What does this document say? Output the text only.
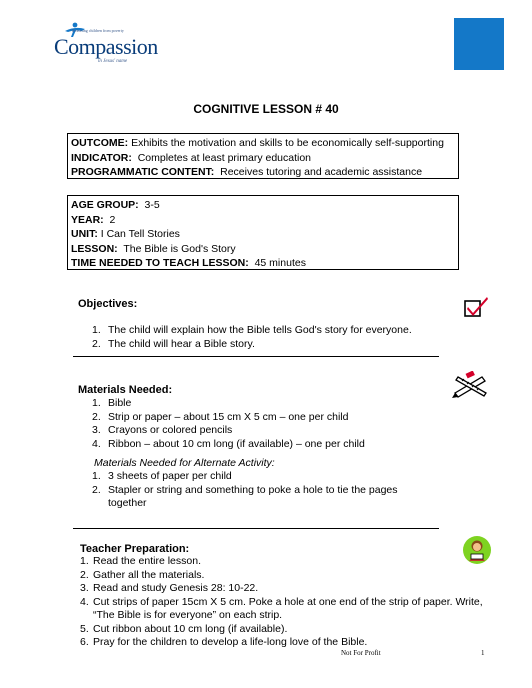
Releasing children from poverty
Compassion
in Jesus' name
COGNITIVE LESSON # 40
OUTCOME: Exhibits the motivation and skills to be economically self-supporting
INDICATOR:  Completes at least primary education
PROGRAMMATIC CONTENT:  Receives tutoring and academic assistance
AGE GROUP:  3-5
YEAR:  2
UNIT: I Can Tell Stories
LESSON:  The Bible is God's Story
TIME NEEDED TO TEACH LESSON:  45 minutes
Objectives:
1. The child will explain how the Bible tells God's story for everyone.
2. The child will hear a Bible story.
Materials Needed:
1. Bible
2. Strip or paper – about 15 cm X 5 cm – one per child
3. Crayons or colored pencils
4. Ribbon – about 10 cm long (if available) – one per child
Materials Needed for Alternate Activity:
1. 3 sheets of paper per child
2. Stapler or string and something to poke a hole to tie the pages together
Teacher Preparation:
1. Read the entire lesson.
2. Gather all the materials.
3. Read and study Genesis 28: 10-22.
4. Cut strips of paper 15cm X 5 cm. Poke a hole at one end of the strip of paper. Write, “The Bible is for everyone” on each strip.
5. Cut ribbon about 10 cm long (if available).
6. Pray for the children to develop a life-long love of the Bible.
Not For Profit	1
